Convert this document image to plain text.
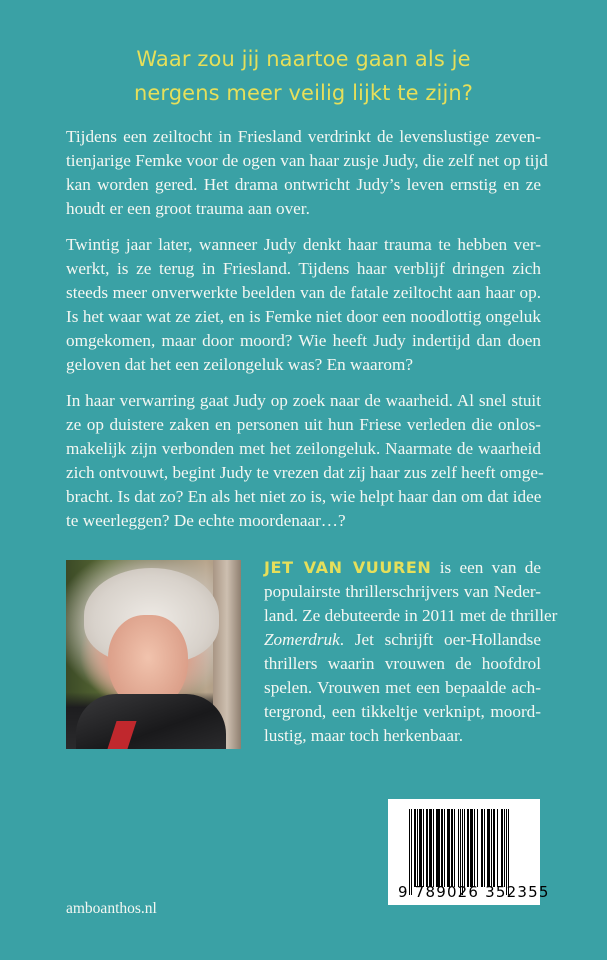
Waar zou jij naartoe gaan als je
nergens meer veilig lijkt te zijn?
Tijdens een zeiltocht in Friesland verdrinkt de levenslustige zeven-
tienjarige Femke voor de ogen van haar zusje Judy, die zelf net op tijd
kan worden gered. Het drama ontwricht Judy’s leven ernstig en ze
houdt er een groot trauma aan over.
Twintig jaar later, wanneer Judy denkt haar trauma te hebben ver-
werkt, is ze terug in Friesland. Tijdens haar verblijf dringen zich
steeds meer onverwerkte beelden van de fatale zeiltocht aan haar op.
Is het waar wat ze ziet, en is Femke niet door een noodlottig ongeluk
omgekomen, maar door moord? Wie heeft Judy indertijd dan doen
geloven dat het een zeilongeluk was? En waarom?
In haar verwarring gaat Judy op zoek naar de waarheid. Al snel stuit
ze op duistere zaken en personen uit hun Friese verleden die onlos-
makelijk zijn verbonden met het zeilongeluk. Naarmate de waarheid
zich ontvouwt, begint Judy te vrezen dat zij haar zus zelf heeft omge-
bracht. Is dat zo? En als het niet zo is, wie helpt haar dan om dat idee
te weerleggen? De echte moordenaar…?
JET VAN VUUREN is een van de
populairste thrillerschrijvers van Neder-
land. Ze debuteerde in 2011 met de thriller
Zomerdruk. Jet schrijft oer-Hollandse
thrillers waarin vrouwen de hoofdrol
spelen. Vrouwen met een bepaalde ach-
tergrond, een tikkeltje verknipt, moord-
lustig, maar toch herkenbaar.
9 789026 352355
amboanthos.nl
